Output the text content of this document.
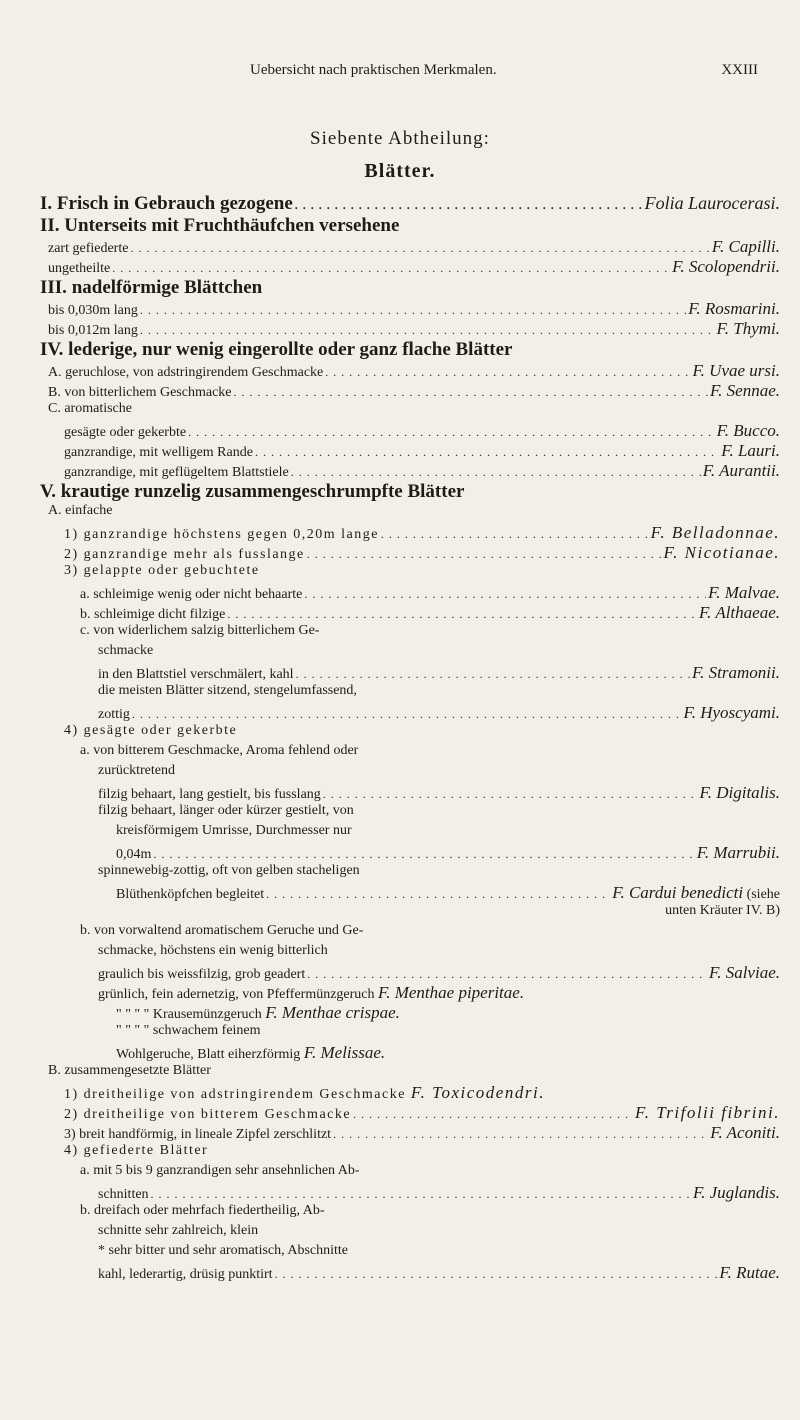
Uebersicht nach praktischen Merkmalen.	XXIII
Siebente Abtheilung:
Blätter.
I.
Frisch in Gebrauch gezogene . . .	Folia Laurocerasi.
II.
Unterseits mit Fruchthäufchen versehene
zart gefiederte . . .	F. Capilli.
ungetheilte . . .	F. Scolopendrii.
III.
nadelförmige Blättchen
bis 0,030m lang . . .	F. Rosmarini.
bis 0,012m lang . . .	F. Thymi.
IV.
lederige, nur wenig eingerollte oder ganz flache Blätter
A. geruchlose, von adstringirendem Geschmacke . . .	F. Uvae ursi.
B. von bitterlichem Geschmacke . . .	F. Sennae.
C. aromatische
gesägte oder gekerbte . . .	F. Bucco.
ganzrandige, mit welligem Rande . . .	F. Lauri.
ganzrandige, mit geflügeltem Blattstiele . . .	F. Aurantii.
V.
krautige runzelig zusammengeschrumpfte Blätter
A. einfache
1) ganzrandige höchstens gegen 0,20m lange . . .	F. Belladonnae.
2) ganzrandige mehr als fusslange . . .	F. Nicotianae.
3) gelappte oder gebuchtete
a. schleimige wenig oder nicht behaarte . . .	F. Malvae.
b. schleimige dicht filzige . . .	F. Althaeae.
c. von widerlichem salzig bitterlichem Ge-
schmacke
in den Blattstiel verschmälert, kahl . . .	F. Stramonii.
die meisten Blätter sitzend, stengelumfassend,
zottig . . .	F. Hyoscyami.
4) gesägte oder gekerbte
a. von bitterem Geschmacke, Aroma fehlend oder
zurücktretend
filzig behaart, lang gestielt, bis fusslang . . .	F. Digitalis.
filzig behaart, länger oder kürzer gestielt, von
kreisförmigem Umrisse, Durchmesser nur
0,04m . . .	F. Marrubii.
spinnewebig-zottig, oft von gelben stacheligen
Blüthenköpfchen begleitet . . .	F. Cardui benedicti
(siehe
unten Kräuter IV. B)
b. von vorwaltend aromatischem Geruche und Ge-
schmacke, höchstens ein wenig bitterlich
graulich bis weissfilzig, grob geadert . . .	F. Salviae.
grünlich, fein adernetzig, von Pfeffermünzgeruch
F. Menthae piperitae.
" " " " Krausemünzgeruch
F. Menthae crispae.
" " " " schwachem feinem
Wohlgeruche, Blatt eiherzförmig
F. Melissae.
B. zusammengesetzte Blätter
1) dreitheilige von adstringirendem Geschmacke
F. Toxicodendri.
2) dreitheilige von bitterem Geschmacke . . .	F. Trifolii fibrini.
3) breit handförmig, in lineale Zipfel zerschlitzt . . .	F. Aconiti.
4) gefiederte Blätter
a. mit 5 bis 9 ganzrandigen sehr ansehnlichen Ab-
schnitten . . .	F. Juglandis.
b. dreifach oder mehrfach fiedertheilig, Ab-
schnitte sehr zahlreich, klein
* sehr bitter und sehr aromatisch, Abschnitte
kahl, lederartig, drüsig punktirt . . .	F. Rutae.
